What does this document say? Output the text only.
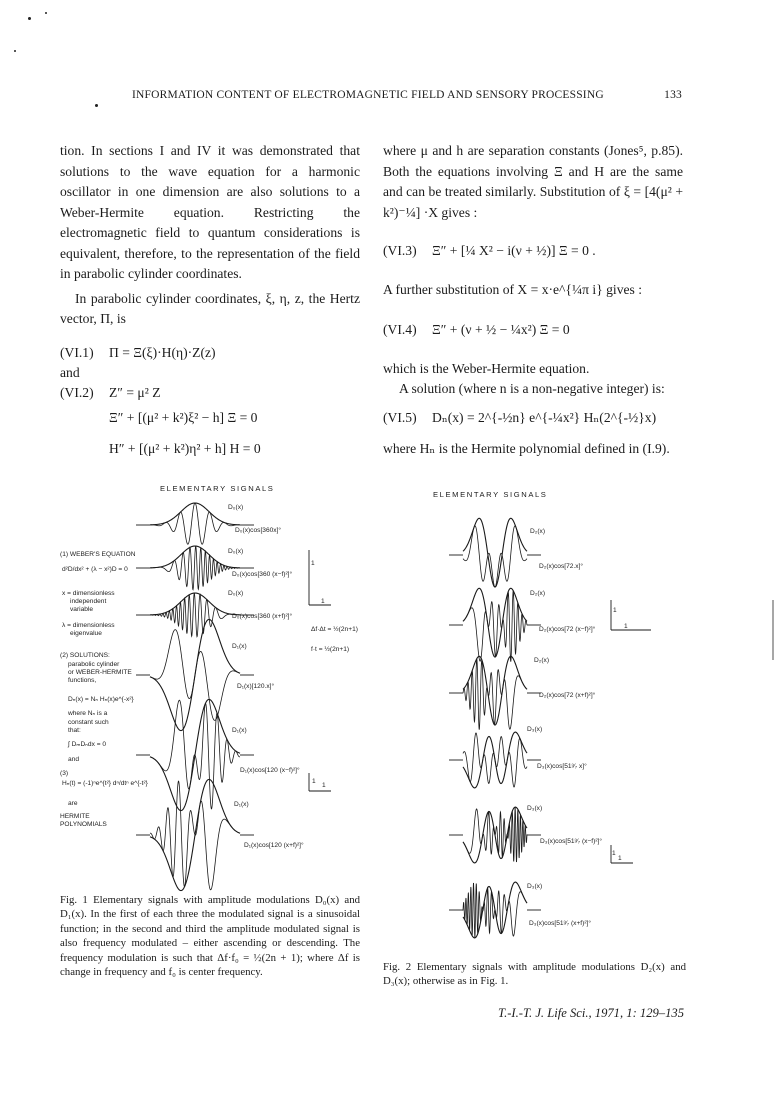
INFORMATION CONTENT OF ELECTROMAGNETIC FIELD AND SENSORY PROCESSING	133

tion. In sections I and IV it was demonstrated that solutions to the wave equation for a harmonic oscillator in one dimension are also solutions to a Weber-Hermite equation. Restricting the electromagnetic field to quantum considerations is equivalent, therefore, to the representation of the field in parabolic cylinder coordinates.

In parabolic cylinder coordinates, ξ, η, z, the Hertz vector, Π, is

(VI.1) Π = Ξ(ξ)·H(η)·Z(z)
and
(VI.2) Z″ = μ² Z
Ξ″ + [(μ² + k²)ξ² − h] Ξ = 0
H″ + [(μ² + k²)η² + h] H = 0

where μ and h are separation constants (Jones⁵, p.85). Both the equations involving Ξ and H are the same and can be treated similarly. Substitution of ξ = [4(μ² + k²)⁻¼] ·X gives :

(VI.3) Ξ″ + [¼ X² − i(ν + ½)] Ξ = 0 .
A further substitution of X = x·e^{¼π i} gives :
(VI.4) Ξ″ + (ν + ½ − ¼x²) Ξ = 0
which is the Weber-Hermite equation.
A solution (where n is a non-negative integer) is:
(VI.5) Dₙ(x) = 2^{-½n} e^{-¼x²} Hₙ(2^{-½}x)
where Hₙ is the Hermite polynomial defined in (I.9).
ELEMENTARY SIGNALS
(1) WEBER'S EQUATION
d²D/dx² + (λ − x²)D = 0
x = dimensionless
independent
variable
λ = dimensionless
eigenvalue
(2) SOLUTIONS:
parabolic cylinder
or WEBER-HERMITE
functions,
Dₙ(x) = Nₙ Hₙ(x)e^{-x²}
where Nₙ is a
constant such
that:
∫ DₘDₙdx = 0
and
(3)
Hₙ(t) = (-1)ⁿe^{t²} dⁿ/dtⁿ e^{-t²}
are
HERMITE
POLYNOMIALS
D₀(x)
D₀(x)cos[360x]°
D₀(x)
D₀(x)cos[360 (x−f)²]°
D₀(x)
D₀(x)cos[360 (x+f)²]°
D₁(x)
D₁(x)[120.x]°
D₁(x)
D₁(x)cos[120 (x−f)²]°
D₁(x)
D₁(x)cos[120 (x+f)²]°
Δf·Δt = ½(2n+1)
f·t = ½(2n+1)
Fig. 1 Elementary signals with amplitude modulations D₀(x) and D₁(x). In the first of each three the modulated signal is a sinusoidal function; in the second and third the amplitude modulated signal is also frequency modulated – either ascending or descending. The frequency modulation is such that Δf·f₀ = ½(2n + 1); where Δf is change in frequency and f₀ is center frequency.
ELEMENTARY SIGNALS
D₂(x)
D₂(x)cos[72.x]°
D₂(x)
D₂(x)cos[72 (x−f)²]°
D₂(x)
D₂(x)cos[72 (x+f)²]°
D₃(x)
D₃(x)cos[51³⁄₇ x]°
D₃(x)
D₃(x)cos[51³⁄₇ (x−f)²]°
D₃(x)
D₃(x)cos[51³⁄₇ (x+f)²]°
Fig. 2 Elementary signals with amplitude modulations D₂(x) and D₃(x); otherwise as in Fig. 1.
T.-I.-T. J. Life Sci., 1971, 1: 129–135
1
1
1
1
1
1
1
1
